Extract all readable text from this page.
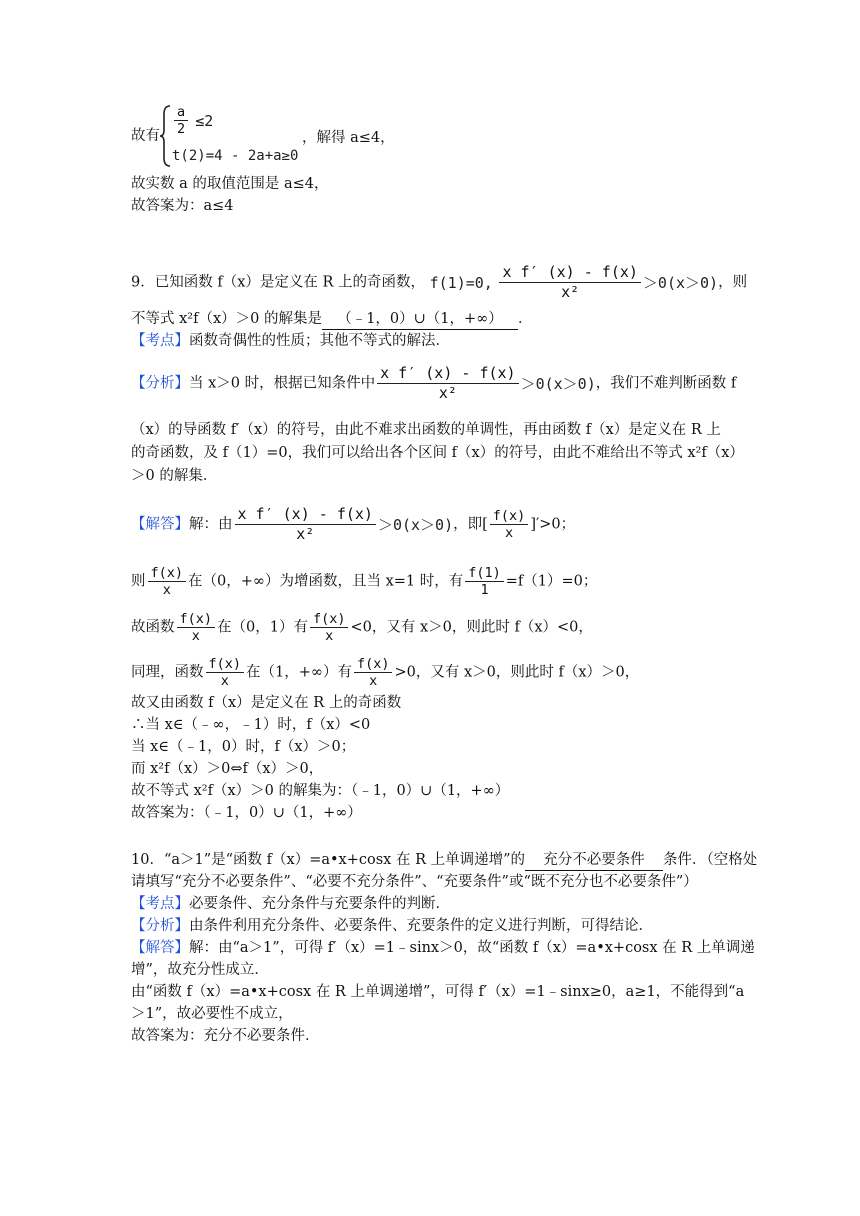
故有 $\frac{a}{2} \le 2$
t(2)=4 - 2a+a≥0
，解得 a≤4，
故实数 a 的取值范围是 a≤4，
故答案为：a≤4
9．已知函数 f（x）是定义在 R 上的奇函数， f(1)=0, $\frac{\text{x f′ (x) - f(x)}}{\text{x²}} >0(x>0)$，则
不等式 x²f（x）＞0 的解集是 （﹣1，0）∪（1，+∞） ．
【考点】函数奇偶性的性质；其他不等式的解法．
【分析】当 x＞0 时，根据已知条件中 $\frac{\text{x f′ (x) - f(x)}}{\text{x²}} >0(x>0)$，我们不难判断函数 f
（x）的导函数 f′（x）的符号，由此不难求出函数的单调性，再由函数 f（x）是定义在 R 上
的奇函数，及 f（1）=0，我们可以给出各个区间 f（x）的符号，由此不难给出不等式 x²f（x）
＞0 的解集．
【解答】解：由 $\frac{\text{x f′ (x) - f(x)}}{\text{x²}} >0(x>0)$，即[ $\frac{f(x)}{x} ]'>0$；
则 $\frac{f(x)}{x}$ 在（0，+∞）为增函数，且当 x=1 时，有 $\frac{f(1)}{1} =f(1)=0$；
故函数 $\frac{f(x)}{x}$ 在（0，1）有 $\frac{f(x)}{x} <0$，又有 x＞0，则此时 f（x）<0，
同理，函数 $\frac{f(x)}{x}$ 在（1，+∞）有 $\frac{f(x)}{x} >0$，又有 x＞0，则此时 f（x）＞0，
故又由函数 f（x）是定义在 R 上的奇函数
∴当 x∈（﹣∞，﹣1）时，f（x）<0
当 x∈（﹣1，0）时，f（x）＞0；
而 x²f（x）＞0⇔f（x）＞0，
故不等式 x²f（x）＞0 的解集为：（﹣1，0）∪（1，+∞）
故答案为：（﹣1，0）∪（1，+∞）
10．“a＞1”是“函数 f（x）=a•x+cosx 在 R 上单调递增”的 充分不必要条件 条件．（空格处
请填写“充分不必要条件”、“必要不充分条件”、“充要条件”或“既不充分也不必要条件”）
【考点】必要条件、充分条件与充要条件的判断．
【分析】由条件利用充分条件、必要条件、充要条件的定义进行判断，可得结论．
【解答】解：由“a＞1”，可得 f′（x）=1﹣sinx＞0，故“函数 f（x）=a•x+cosx 在 R 上单调递
增”，故充分性成立．
由“函数 f（x）=a•x+cosx 在 R 上单调递增”，可得 f′（x）=1﹣sinx≥0，a≥1，不能得到“a
＞1”，故必要性不成立，
故答案为：充分不必要条件．
